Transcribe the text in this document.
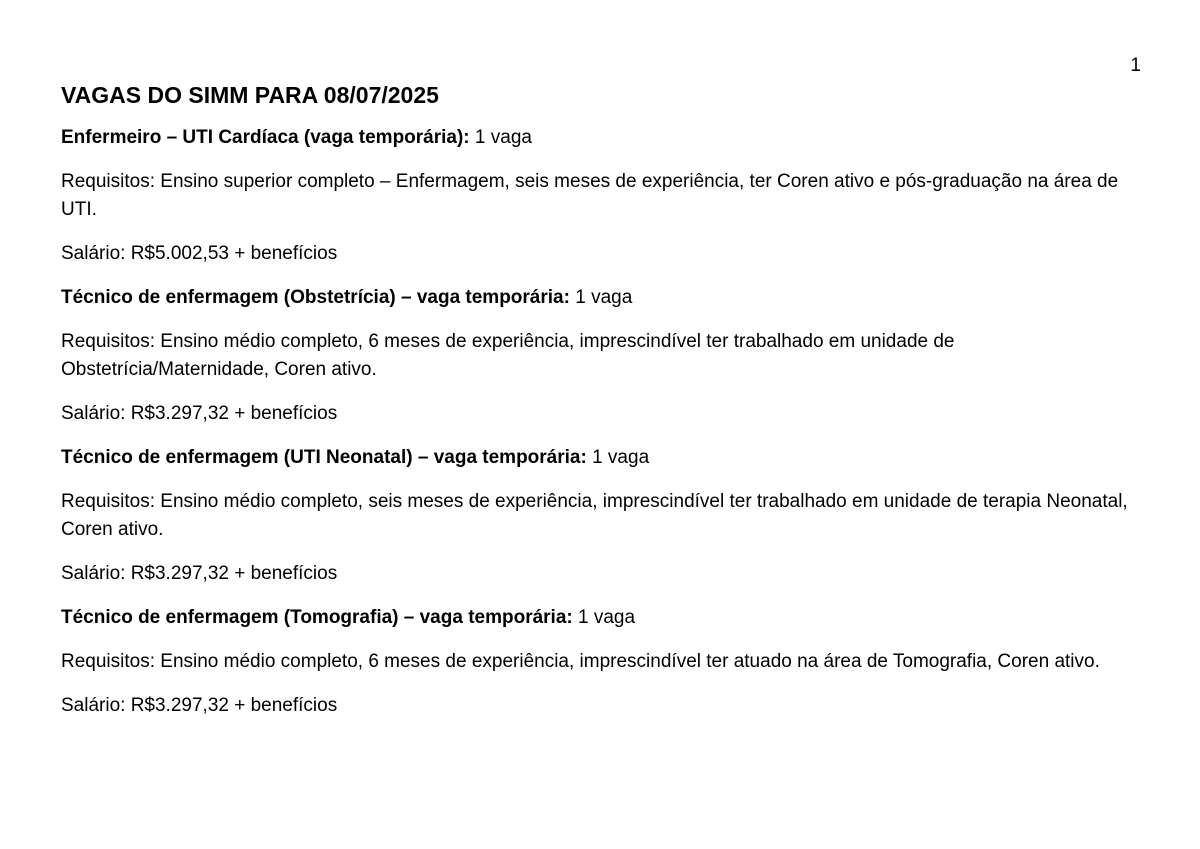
1
VAGAS DO SIMM PARA 08/07/2025

Enfermeiro – UTI Cardíaca (vaga temporária): 1 vaga

Requisitos: Ensino superior completo – Enfermagem, seis meses de experiência, ter Coren ativo e pós-graduação na área de UTI.

Salário: R$5.002,53 + benefícios

Técnico de enfermagem (Obstetrícia) – vaga temporária: 1 vaga

Requisitos: Ensino médio completo, 6 meses de experiência, imprescindível ter trabalhado em unidade de Obstetrícia/Maternidade, Coren ativo.

Salário: R$3.297,32 + benefícios

Técnico de enfermagem (UTI Neonatal) – vaga temporária: 1 vaga

Requisitos: Ensino médio completo, seis meses de experiência, imprescindível ter trabalhado em unidade de terapia Neonatal, Coren ativo.

Salário: R$3.297,32 + benefícios

Técnico de enfermagem (Tomografia) – vaga temporária: 1 vaga

Requisitos: Ensino médio completo, 6 meses de experiência, imprescindível ter atuado na área de Tomografia, Coren ativo.

Salário: R$3.297,32 + benefícios
